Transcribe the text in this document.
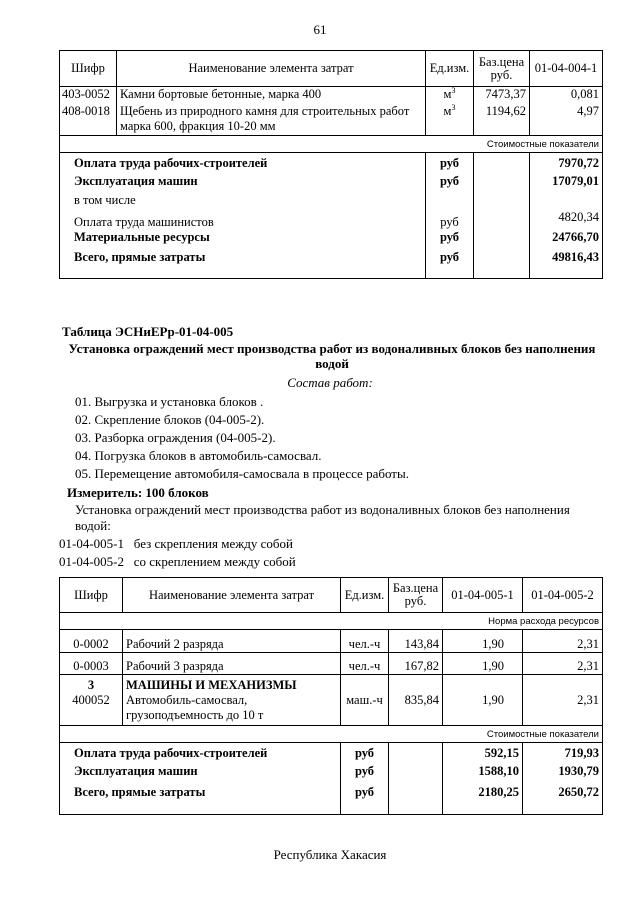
61
Шифр	Наименование элемента затрат	Ед.изм.	Баз.цена руб.	01-04-004-1
403-0052	Камни бортовые бетонные, марка 400	$м^3$	7473,37	0,081
408-0018	Щебень из природного камня для строительных работ марка 600, фракция 10-20 мм	$м^3$	1194,62	4,97
Стоимостные показатели				
Оплата труда рабочих-строителей		руб		7970,72
Эксплуатация машин		руб		17079,01
в том числе				
Оплата труда машинистов		руб		4820,34
Материальные ресурсы		руб		24766,70
Всего, прямые затраты		руб		49816,43
Таблица ЭСНиЕРр-01-04-005
Установка ограждений мест производства работ из водоналивных блоков без наполнения водой
Состав работ:
01. Выгрузка и установка блоков .
02. Скрепление блоков (04-005-2).
03. Разборка ограждения (04-005-2).
04. Погрузка блоков в автомобиль-самосвал.
05. Перемещение автомобиля-самосвала в процессе работы.
Измеритель: 100 блоков
Установка ограждений мест производства работ из водоналивных блоков без наполнения водой:
01-04-005-1 без скрепления между собой
01-04-005-2 со скреплением между собой
Шифр	Наименование элемента затрат	Ед.изм.	Баз.цена руб.	01-04-005-1	01-04-005-2
Норма расхода ресурсов					
0-0002	Рабочий 2 разряда	чел.-ч	143,84	1,90	2,31
0-0003	Рабочий 3 разряда	чел.-ч	167,82	1,90	2,31
3	МАШИНЫ И МЕХАНИЗМЫ				
400052	Автомобиль-самосвал, грузоподъемность до 10 т	маш.-ч	835,84	1,90	2,31
Стоимостные показатели					
Оплата труда рабочих-строителей		руб		592,15	719,93
Эксплуатация машин		руб		1588,10	1930,79
Всего, прямые затраты		руб		2180,25	2650,72
Республика Хакасия
